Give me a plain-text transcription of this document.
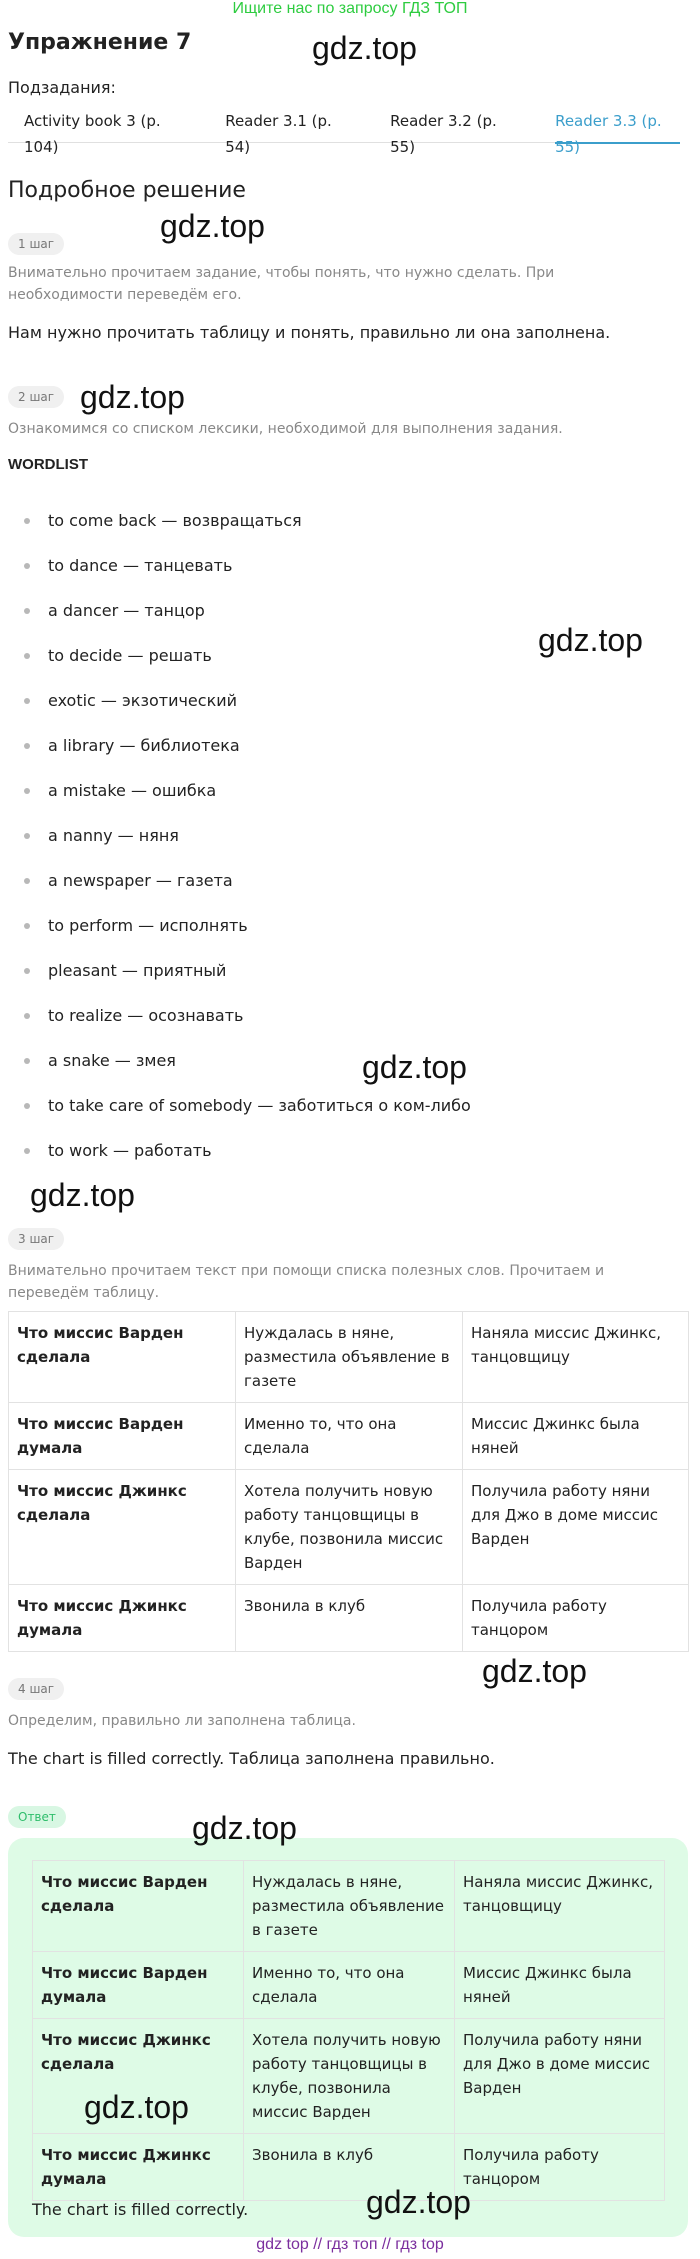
Ищите нас по запросу ГДЗ ТОП
Упражнение 7
Подзадания:
Activity book 3 (p. 104)
Reader 3.1 (p. 54)
Reader 3.2 (p. 55)
Reader 3.3 (p. 55)
Подробное решение
1 шаг
Внимательно прочитаем задание, чтобы понять, что нужно сделать. При необходимости переведём его.
Нам нужно прочитать таблицу и понять, правильно ли она заполнена.
2 шаг
Ознакомимся со списком лексики, необходимой для выполнения задания.
WORDLIST
to come back — возвращаться
to dance — танцевать
a dancer — танцор
to decide — решать
exotic — экзотический
a library — библиотека
a mistake — ошибка
a nanny — няня
a newspaper — газета
to perform — исполнять
pleasant — приятный
to realize — осознавать
a snake — змея
to take care of somebody — заботиться о ком-либо
to work — работать
3 шаг
Внимательно прочитаем текст при помощи списка полезных слов. Прочитаем и переведём таблицу.
Что миссис Варден сделала	Нуждалась в няне, разместила объявление в газете	Наняла миссис Джинкс, танцовщицу
Что миссис Варден думала	Именно то, что она сделала	Миссис Джинкс была няней
Что миссис Джинкс сделала	Хотела получить новую работу танцовщицы в клубе, позвонила миссис Варден	Получила работу няни для Джо в доме миссис Варден
Что миссис Джинкс думала	Звонила в клуб	Получила работу танцором
4 шаг
Определим, правильно ли заполнена таблица.
The chart is filled correctly. Таблица заполнена правильно.
Ответ
Что миссис Варден сделала	Нуждалась в няне, разместила объявление в газете	Наняла миссис Джинкс, танцовщицу
Что миссис Варден думала	Именно то, что она сделала	Миссис Джинкс была няней
Что миссис Джинкс сделала	Хотела получить новую работу танцовщицы в клубе, позвонила миссис Варден	Получила работу няни для Джо в доме миссис Варден
Что миссис Джинкс думала	Звонила в клуб	Получила работу танцором
The chart is filled correctly.
gdz.top
gdz.top
gdz.top
gdz.top
gdz.top
gdz.top
gdz.top
gdz.top
gdz.top
gdz.top
gdz top // гдз топ // гдз top
